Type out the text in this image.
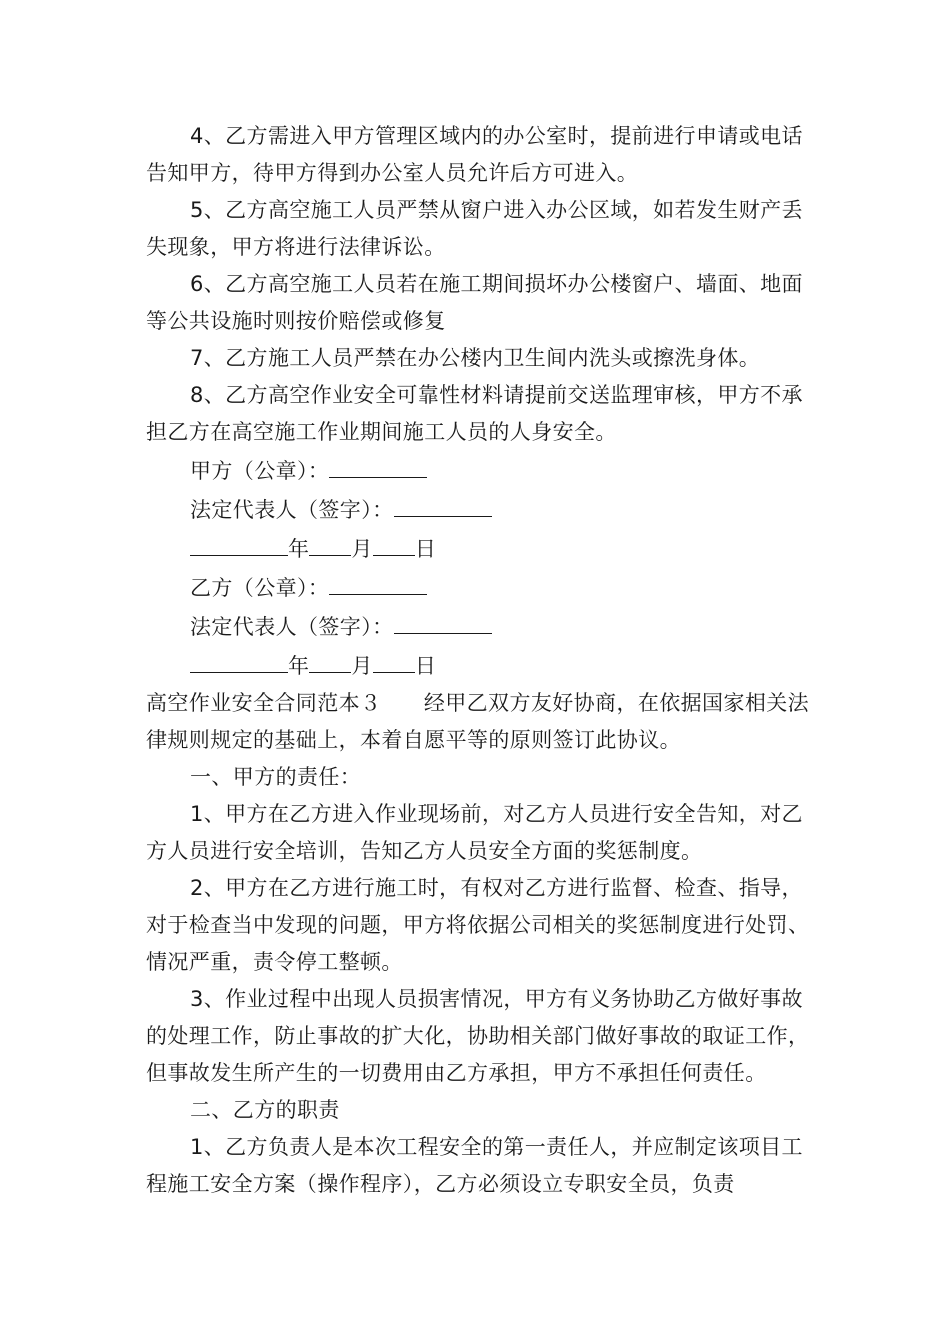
4、乙方需进入甲方管理区域内的办公室时，提前进行申请或电话告知甲方，待甲方得到办公室人员允许后方可进入。

5、乙方高空施工人员严禁从窗户进入办公区域，如若发生财产丢失现象，甲方将进行法律诉讼。

6、乙方高空施工人员若在施工期间损坏办公楼窗户、墙面、地面等公共设施时则按价赔偿或修复

7、乙方施工人员严禁在办公楼内卫生间内洗头或擦洗身体。

8、乙方高空作业安全可靠性材料请提前交送监理审核，甲方不承担乙方在高空施工作业期间施工人员的人身安全。

甲方（公章）：
法定代表人（签字）：
年 月 日
乙方（公章）：
法定代表人（签字）：
年 月 日

高空作业安全合同范本３ 经甲乙双方友好协商，在依据国家相关法律规则规定的基础上，本着自愿平等的原则签订此协议。

一、甲方的责任：

1、甲方在乙方进入作业现场前，对乙方人员进行安全告知，对乙方人员进行安全培训，告知乙方人员安全方面的奖惩制度。

2、甲方在乙方进行施工时，有权对乙方进行监督、检查、指导，对于检查当中发现的问题，甲方将依据公司相关的奖惩制度进行处罚、情况严重，责令停工整顿。

3、作业过程中出现人员损害情况，甲方有义务协助乙方做好事故的处理工作，防止事故的扩大化，协助相关部门做好事故的取证工作，但事故发生所产生的一切费用由乙方承担，甲方不承担任何责任。

二、乙方的职责

1、乙方负责人是本次工程安全的第一责任人，并应制定该项目工程施工安全方案（操作程序），乙方必须设立专职安全员，负责
